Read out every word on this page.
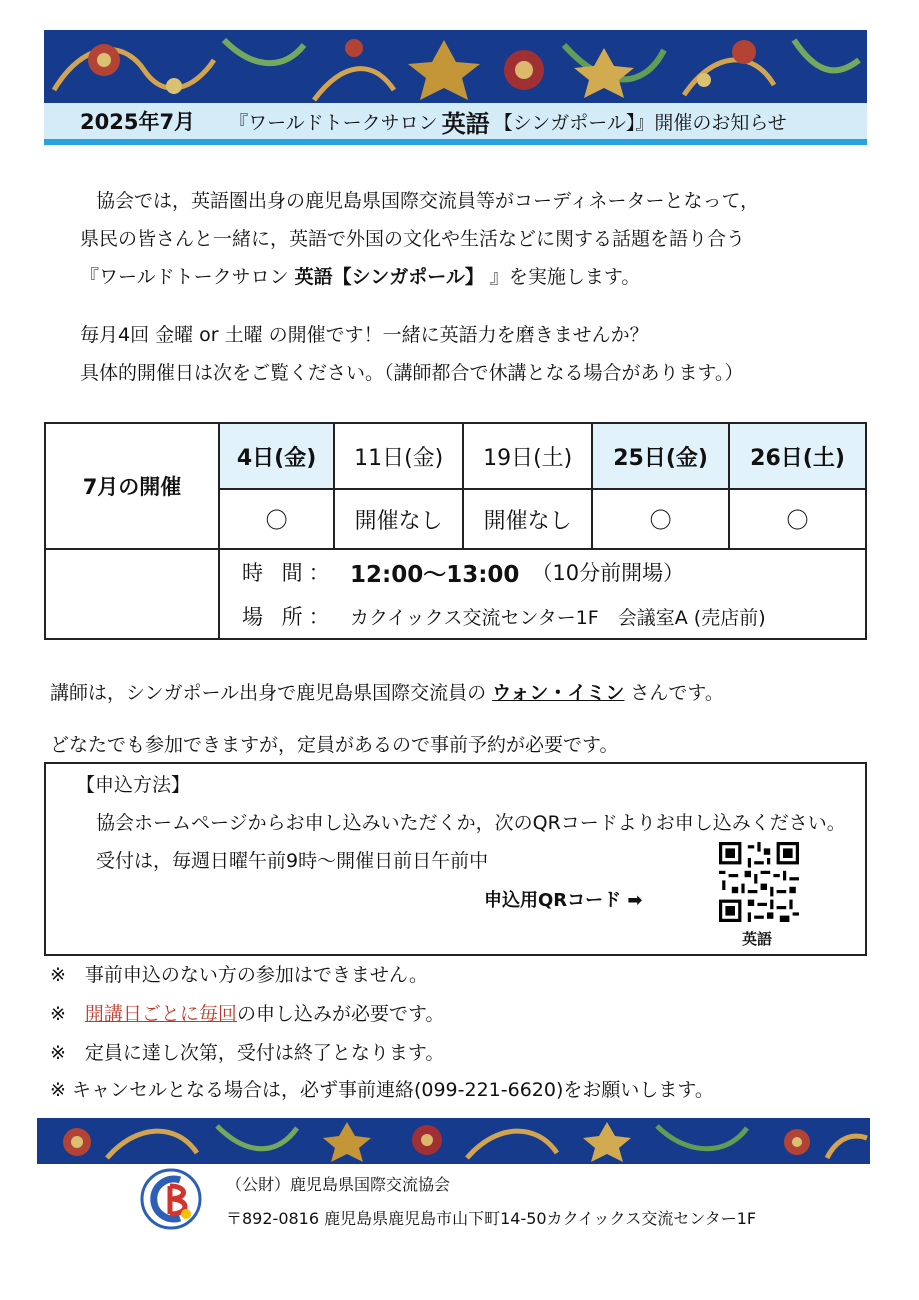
2025年7月 『ワールドトークサロン 英語 【シンガポール】』開催のお知らせ
協会では，英語圏出身の鹿児島県国際交流員等がコーディネーターとなって，
県民の皆さんと一緒に，英語で外国の文化や生活などに関する話題を語り合う
『ワールドトークサロン 英語【シンガポール】 』を実施します。
毎月4回 金曜 or 土曜 の開催です！一緒に英語力を磨きませんか？
具体的開催日は次をご覧ください。（講師都合で休講となる場合があります。）
7月の開催	4日(金)	11日(金)	19日(土)	25日(金)	26日(土)
	〇	開催なし	開催なし	〇	〇

	時 間： 12:00～13:00 （10分前開場）
場 所： カクイックス交流センター1F　会議室A (売店前)				
講師は，シンガポール出身で鹿児島県国際交流員の ウォン・イミン さんです。
どなたでも参加できますが，定員があるので事前予約が必要です。
【申込方法】
協会ホームページからお申し込みいただくか，次のQRコードよりお申し込みください。
受付は，毎週日曜午前9時～開催日前日午前中
申込用QRコード ➡
英語
※　事前申込のない方の参加はできません。
※　開講日ごとに毎回の申し込みが必要です。
※　定員に達し次第，受付は終了となります。
※ キャンセルとなる場合は，必ず事前連絡(099-221-6620)をお願いします。
（公財）鹿児島県国際交流協会
〒892-0816 鹿児島県鹿児島市山下町14-50カクイックス交流センター1F
